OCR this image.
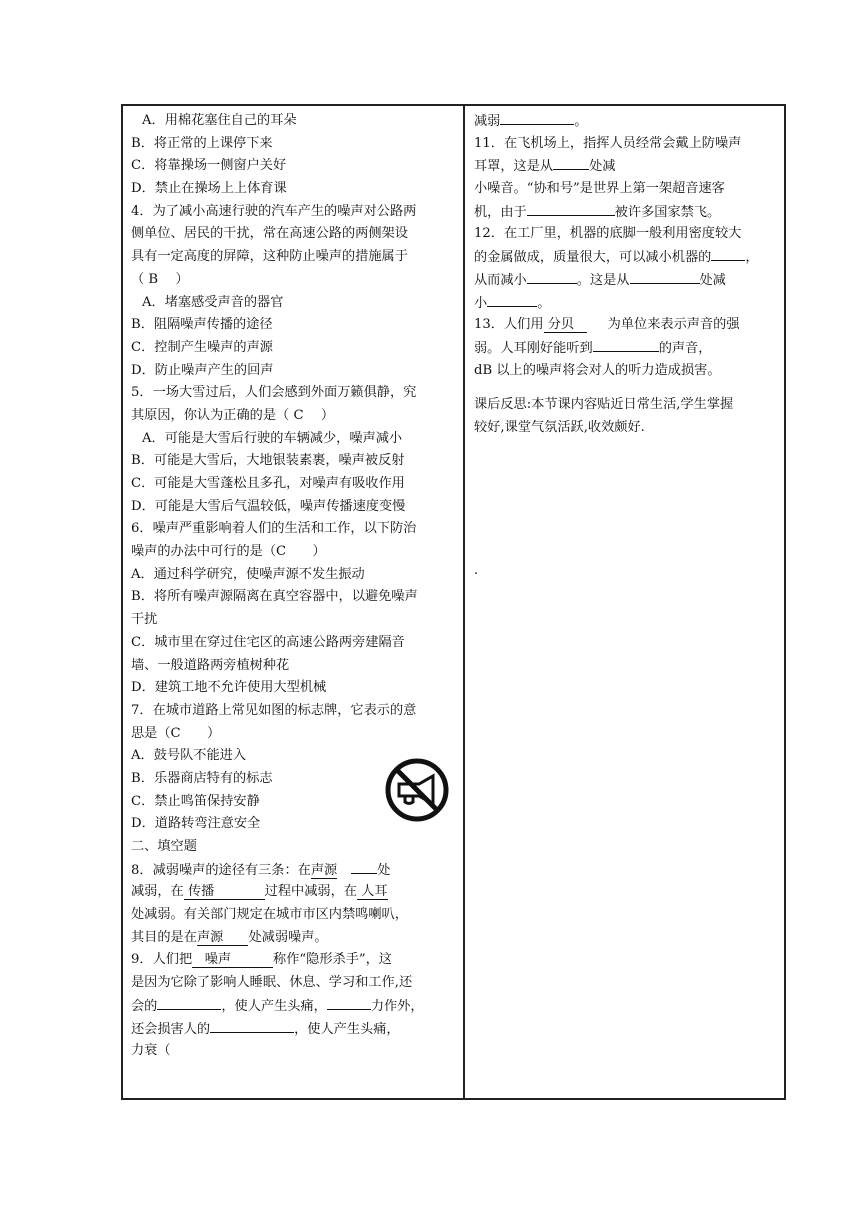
A．用棉花塞住自己的耳朵
B．将正常的上课停下来
C．将靠操场一侧窗户关好
D．禁止在操场上上体育课
4．为了减小高速行驶的汽车产生的噪声对公路两
侧单位、居民的干扰，常在高速公路的两侧架设
具有一定高度的屏障，这种防止噪声的措施属于
（ B　 ）
A．堵塞感受声音的器官
B．阻隔噪声传播的途径
C．控制产生噪声的声源
D．防止噪声产生的回声
5．一场大雪过后，人们会感到外面万籁俱静，究
其原因，你认为正确的是（ C　 ）
A．可能是大雪后行驶的车辆减少，噪声减小
B．可能是大雪后，大地银装素裹，噪声被反射
C．可能是大雪蓬松且多孔，对噪声有吸收作用
D．可能是大雪后气温较低，噪声传播速度变慢
6．噪声严重影响着人们的生活和工作，以下防治
噪声的办法中可行的是（C　　）
A．通过科学研究，使噪声源不发生振动
B．将所有噪声源隔离在真空容器中，以避免噪声
干扰
C．城市里在穿过住宅区的高速公路两旁建隔音
墙、一般道路两旁植树种花
D．建筑工地不允许使用大型机械
7．在城市道路上常见如图的标志牌，它表示的意
思是（C　　）
A．鼓号队不能进入
B．乐器商店特有的标志
C．禁止鸣笛保持安静
D．道路转弯注意安全
二、填空题
8．减弱噪声的途径有三条：在声源	处
减弱，在 传播	过程中减弱，在 人耳
处减弱。有关部门规定在城市市区内禁鸣喇叭，
其目的是在声源 处减弱噪声。
9．人们把 噪声	称作“隐形杀手”，这
是因为它除了影响人睡眠、休息、学习和工作,还
会的	，使人产生头痛，	力作外，
还会损害人的	，使人产生头痛，
力衰（
减弱	。
11．在飞机场上，指挥人员经常会戴上防噪声
耳罩，这是从	处减
小噪音。“协和号”是世界上第一架超音速客
机，由于	被许多国家禁飞。
12．在工厂里，机器的底脚一般利用密度较大
的金属做成，质量很大，可以减小机器的	，
从而减小	。这是从	处减
小	。
13．人们用 分贝	为单位来表示声音的强
弱。人耳刚好能听到	的声音，
dB 以上的噪声将会对人的听力造成损害。
课后反思:本节课内容贴近日常生活,学生掌握
较好,课堂气氛活跃,收效颇好.
.
